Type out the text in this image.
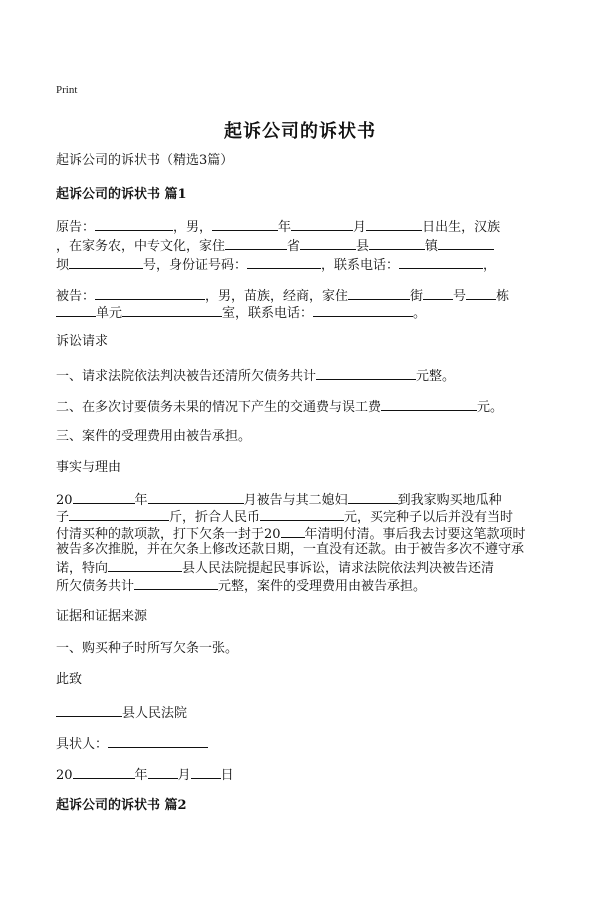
Print
起诉公司的诉状书
起诉公司的诉状书（精选3篇）
起诉公司的诉状书 篇1
原告：	，男，	年	月	日出生，汉族
，在家务农，中专文化，家住	省	县	镇
坝	号，身份证号码：	，联系电话：	，
被告：	，男，苗族，经商，家住	街 号 栋
单元	室，联系电话：	。
诉讼请求
一、请求法院依法判决被告还清所欠债务共计	元整。
二、在多次讨要债务未果的情况下产生的交通费与误工费	元。
三、案件的受理费用由被告承担。
事实与理由
20	年	月被告与其二媳妇	到我家购买地瓜种
子	斤，折合人民币	元，买完种子以后并没有当时
付清买种的款项款，打下欠条一封于20 年清明付清。事后我去讨要这笔款项时
被告多次推脱，并在欠条上修改还款日期，一直没有还款。由于被告多次不遵守承
诺，特向	县人民法院提起民事诉讼，请求法院依法判决被告还清
所欠债务共计	元整，案件的受理费用由被告承担。
证据和证据来源
一、购买种子时所写欠条一张。
此致
县人民法院
具状人：
20	年 月 日
起诉公司的诉状书 篇2
